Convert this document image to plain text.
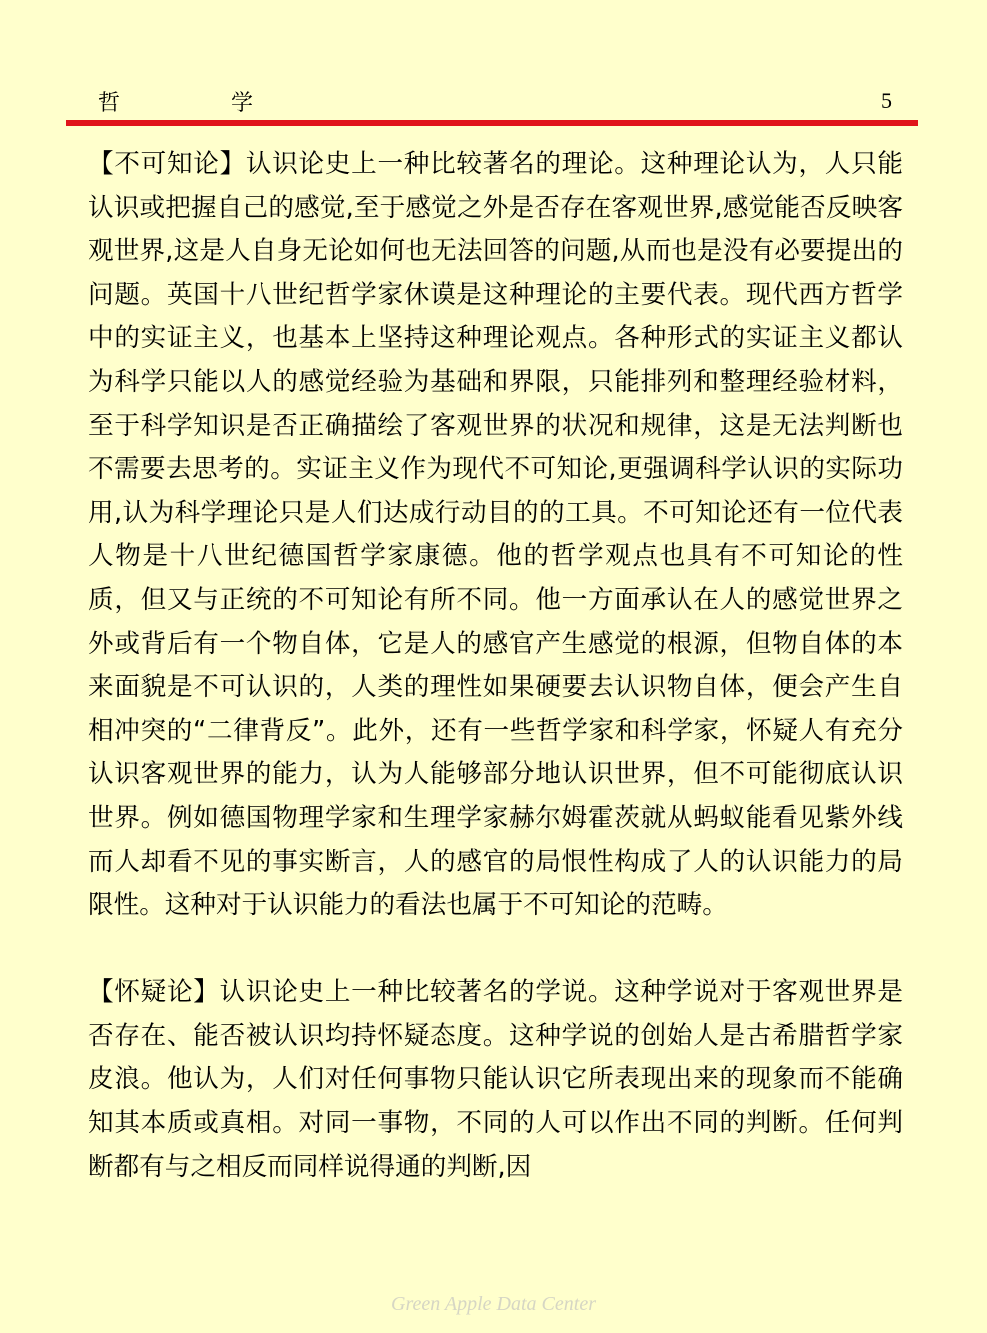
哲 学	5

【不可知论】认识论史上一种比较著名的理论。这种理论认为，人只能认识或把握自己的感觉,至于感觉之外是否存在客观世界,感觉能否反映客观世界,这是人自身无论如何也无法回答的问题,从而也是没有必要提出的问题。英国十八世纪哲学家休谟是这种理论的主要代表。现代西方哲学中的实证主义，也基本上坚持这种理论观点。各种形式的实证主义都认为科学只能以人的感觉经验为基础和界限，只能排列和整理经验材料，至于科学知识是否正确描绘了客观世界的状况和规律，这是无法判断也不需要去思考的。实证主义作为现代不可知论,更强调科学认识的实际功用,认为科学理论只是人们达成行动目的的工具。不可知论还有一位代表人物是十八世纪德国哲学家康德。他的哲学观点也具有不可知论的性质，但又与正统的不可知论有所不同。他一方面承认在人的感觉世界之外或背后有一个物自体，它是人的感官产生感觉的根源，但物自体的本来面貌是不可认识的，人类的理性如果硬要去认识物自体，便会产生自相冲突的“二律背反”。此外，还有一些哲学家和科学家，怀疑人有充分认识客观世界的能力，认为人能够部分地认识世界，但不可能彻底认识世界。例如德国物理学家和生理学家赫尔姆霍茨就从蚂蚁能看见紫外线而人却看不见的事实断言，人的感官的局恨性构成了人的认识能力的局限性。这种对于认识能力的看法也属于不可知论的范畴。

【怀疑论】认识论史上一种比较著名的学说。这种学说对于客观世界是否存在、能否被认识均持怀疑态度。这种学说的创始人是古希腊哲学家皮浪。他认为，人们对任何事物只能认识它所表现出来的现象而不能确知其本质或真相。对同一事物，不同的人可以作出不同的判断。任何判断都有与之相反而同样说得通的判断,因

Green Apple Data Center
